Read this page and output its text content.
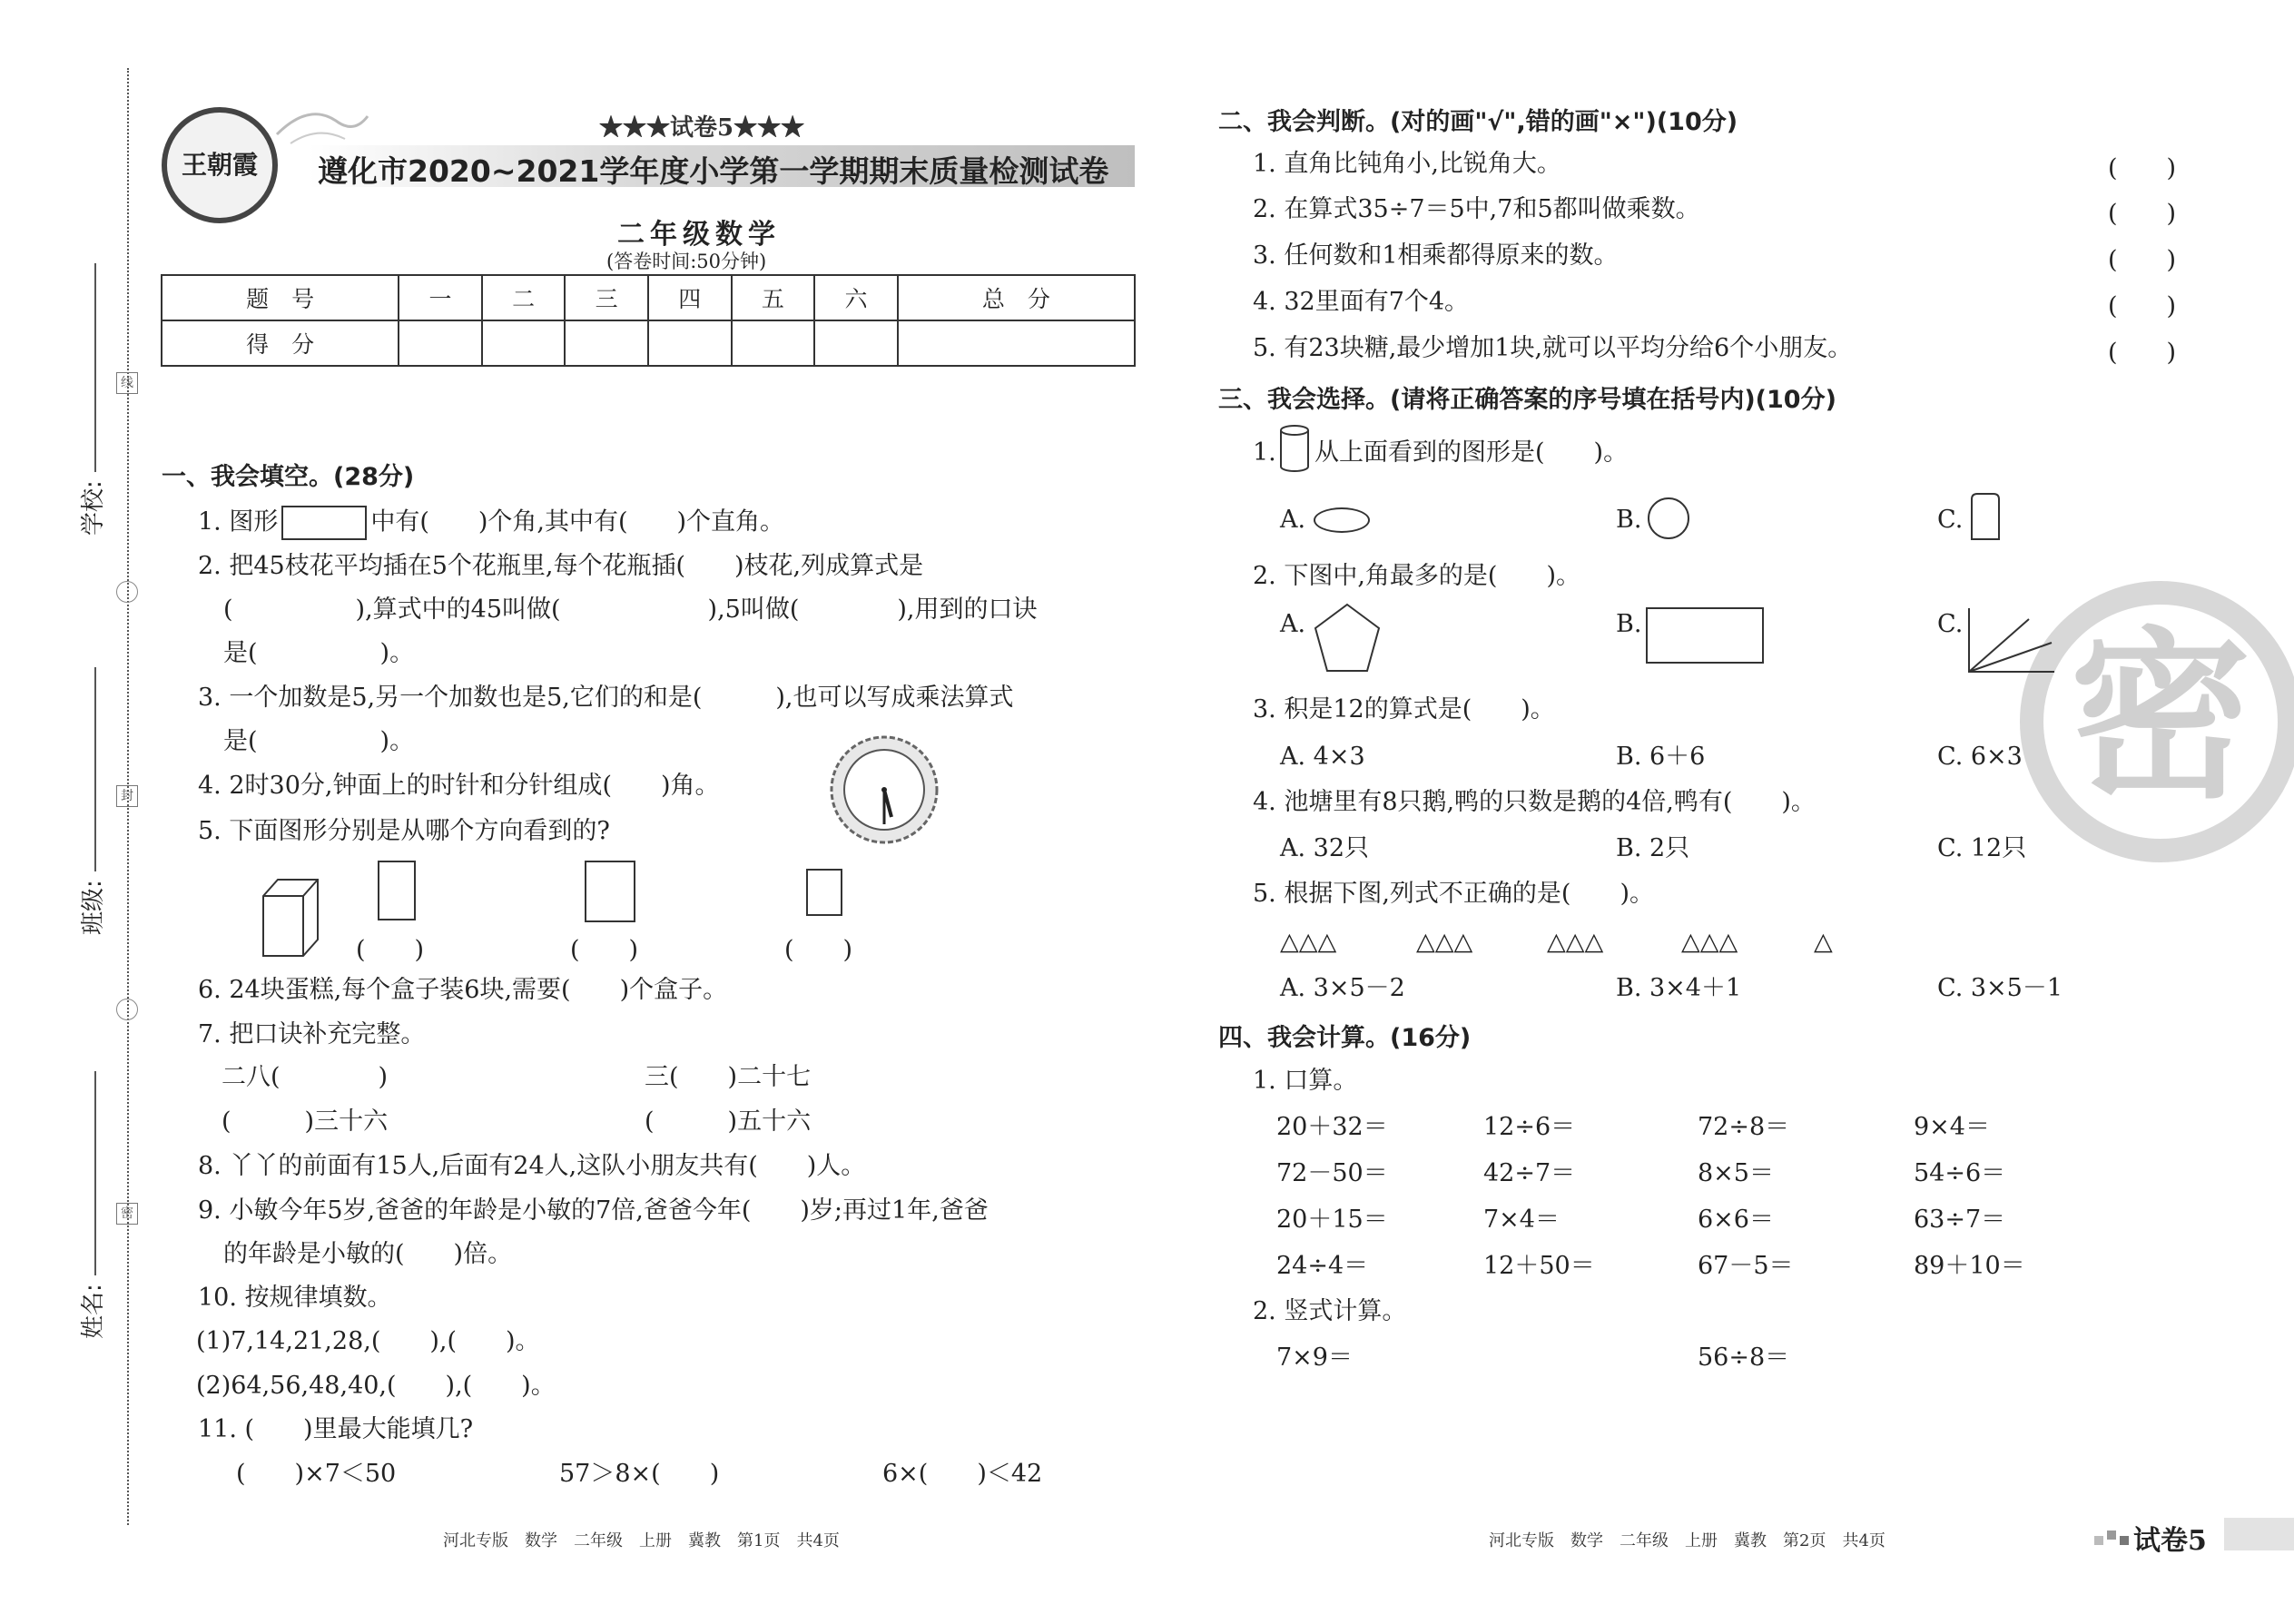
线
封
密
学校:
班级:
姓名:
王朝霞
★★★试卷5★★★
遵化市2020~2021学年度小学第一学期期末质量检测试卷
二年级数学
(答卷时间:50分钟)
题　号	一	二	三	四	五	六	总　分
得　分							
一、我会填空。(28分)
1. 图形	中有(　　)个角,其中有(　　)个直角。
2. 把45枝花平均插在5个花瓶里,每个花瓶插(　　)枝花,列成算式是
(　　　　　),算式中的45叫做(　　　　　　),5叫做(　　　　),用到的口诀
是(　　　　　)。
3. 一个加数是5,另一个加数也是5,它们的和是(　　　),也可以写成乘法算式
是(　　　　　)。
4. 2时30分,钟面上的时针和分针组成(　　)角。
5. 下面图形分别是从哪个方向看到的?
(　　)	(　　)	(　　)
6. 24块蛋糕,每个盒子装6块,需要(　　)个盒子。
7. 把口诀补充完整。
二八(　　　　)	三(　　)二十七
(　　　)三十六	(　　　)五十六
8. 丫丫的前面有15人,后面有24人,这队小朋友共有(　　)人。
9. 小敏今年5岁,爸爸的年龄是小敏的7倍,爸爸今年(　　)岁;再过1年,爸爸
的年龄是小敏的(　　)倍。
10. 按规律填数。
(1)7,14,21,28,(　　),(　　)。
(2)64,56,48,40,(　　),(　　)。
11. (　　)里最大能填几?
(　　)×7＜50	57＞8×(　　)	6×(　　)＜42
河北专版　数学　二年级　上册　冀教　第1页　共4页
二、我会判断。(对的画"√",错的画"×")(10分)
1. 直角比钝角小,比锐角大。	(　　)
2. 在算式35÷7＝5中,7和5都叫做乘数。	(　　)
3. 任何数和1相乘都得原来的数。	(　　)
4. 32里面有7个4。	(　　)
5. 有23块糖,最少增加1块,就可以平均分给6个小朋友。	(　　)
密
三、我会选择。(请将正确答案的序号填在括号内)(10分)
1. 从上面看到的图形是(　　)。
A.	B.	C.
2. 下图中,角最多的是(　　)。
A.	B.	C.
3. 积是12的算式是(　　)。
A. 4×3	B. 6＋6	C. 6×3
4. 池塘里有8只鹅,鸭的只数是鹅的4倍,鸭有(　　)。
A. 32只	B. 2只	C. 12只
5. 根据下图,列式不正确的是(　　)。
△△△	△△△	△△△	△△△	△
A. 3×5－2	B. 3×4＋1	C. 3×5－1
四、我会计算。(16分)
1. 口算。
20＋32＝	12÷6＝	72÷8＝	9×4＝
72－50＝	42÷7＝	8×5＝	54÷6＝
20＋15＝	7×4＝	6×6＝	63÷7＝
24÷4＝	12＋50＝	67－5＝	89＋10＝
2. 竖式计算。
7×9＝	56÷8＝
河北专版　数学　二年级　上册　冀教　第2页　共4页	试卷5
